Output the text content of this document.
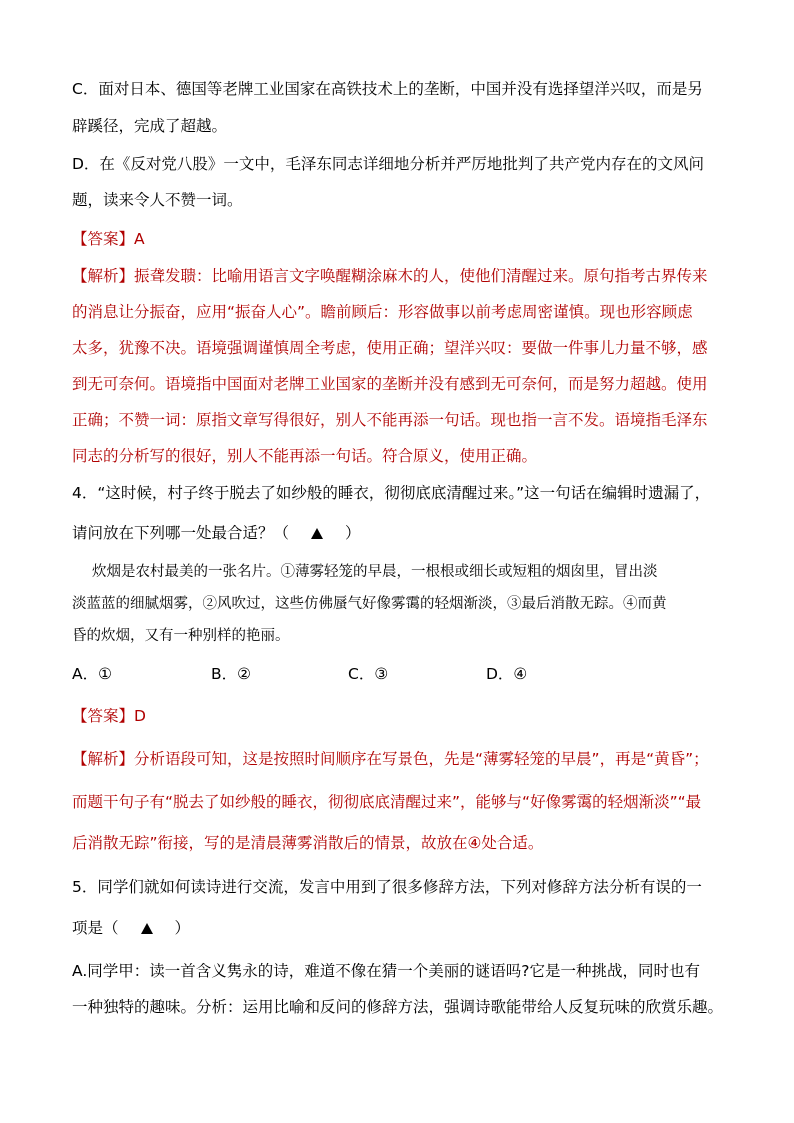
C．面对日本、德国等老牌工业国家在高铁技术上的垄断，中国并没有选择望洋兴叹，而是另
辟蹊径，完成了超越。
D．在《反对党八股》一文中，毛泽东同志详细地分析并严厉地批判了共产党内存在的文风问
题，读来令人不赞一词。
【答案】A
【解析】振聋发聩：比喻用语言文字唤醒糊涂麻木的人，使他们清醒过来。原句指考古界传来
的消息让分振奋，应用“振奋人心”。瞻前顾后：形容做事以前考虑周密谨慎。现也形容顾虑
太多，犹豫不决。语境强调谨慎周全考虑，使用正确；望洋兴叹：要做一件事儿力量不够，感
到无可奈何。语境指中国面对老牌工业国家的垄断并没有感到无可奈何，而是努力超越。使用
正确；不赞一词：原指文章写得很好，别人不能再添一句话。现也指一言不发。语境指毛泽东
同志的分析写的很好，别人不能再添一句话。符合原义，使用正确。
4．“这时候，村子终于脱去了如纱般的睡衣，彻彻底底清醒过来。”这一句话在编辑时遗漏了，
请问放在下列哪一处最合适？（	）
炊烟是农村最美的一张名片。①薄雾轻笼的早晨，一根根或细长或短粗的烟囱里，冒出淡
淡蓝蓝的细腻烟雾，②风吹过，这些仿佛蜃气好像雾霭的轻烟渐淡，③最后消散无踪。④而黄
昏的炊烟，又有一种别样的艳丽。
A．①	B．②	C．③	D．④
【答案】D
【解析】分析语段可知，这是按照时间顺序在写景色，先是“薄雾轻笼的早晨”，再是“黄昏”；
而题干句子有“脱去了如纱般的睡衣，彻彻底底清醒过来”，能够与“好像雾霭的轻烟渐淡”“最
后消散无踪”衔接，写的是清晨薄雾消散后的情景，故放在④处合适。
5．同学们就如何读诗进行交流，发言中用到了很多修辞方法，下列对修辞方法分析有误的一
项是（	）
A.同学甲：读一首含义隽永的诗，难道不像在猜一个美丽的谜语吗?它是一种挑战，同时也有
一种独特的趣味。分析：运用比喻和反问的修辞方法，强调诗歌能带给人反复玩味的欣赏乐趣。
